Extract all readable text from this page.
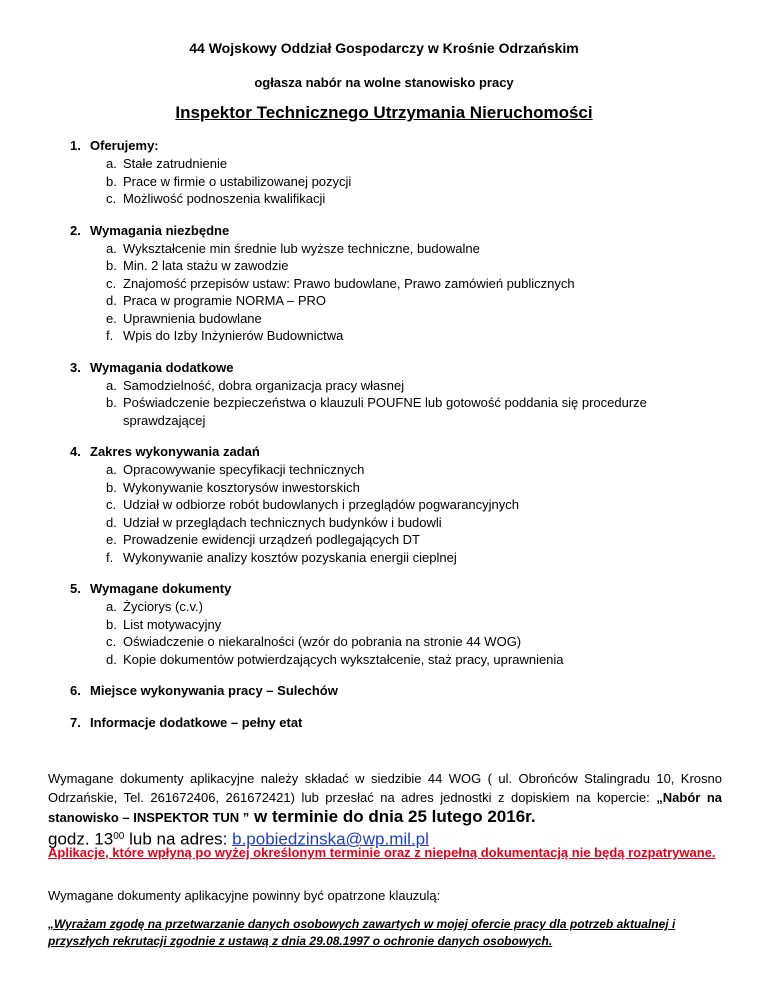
44 Wojskowy Oddział Gospodarczy w Krośnie Odrzańskim
ogłasza nabór na wolne stanowisko pracy
Inspektor Technicznego Utrzymania Nieruchomości
1. Oferujemy:
a. Stałe zatrudnienie
b. Prace w firmie o ustabilizowanej pozycji
c. Możliwość podnoszenia kwalifikacji
2. Wymagania niezbędne
a. Wykształcenie min średnie lub wyższe techniczne, budowalne
b. Min. 2 lata stażu w zawodzie
c. Znajomość przepisów ustaw: Prawo budowlane, Prawo zamówień publicznych
d. Praca w programie NORMA – PRO
e. Uprawnienia budowlane
f. Wpis do Izby Inżynierów Budownictwa
3. Wymagania dodatkowe
a. Samodzielność, dobra organizacja pracy własnej
b. Poświadczenie bezpieczeństwa o klauzuli POUFNE lub gotowość poddania się procedurze sprawdzającej
4. Zakres wykonywania zadań
a. Opracowywanie specyfikacji technicznych
b. Wykonywanie kosztorysów inwestorskich
c. Udział w odbiorze robót budowlanych i przeglądów pogwarancyjnych
d. Udział w przeglądach technicznych budynków i budowli
e. Prowadzenie ewidencji urządzeń podlegających DT
f. Wykonywanie analizy kosztów pozyskania energii cieplnej
5. Wymagane dokumenty
a. Życiorys (c.v.)
b. List motywacyjny
c. Oświadczenie o niekaralności (wzór do pobrania na stronie 44 WOG)
d. Kopie dokumentów potwierdzających wykształcenie, staż pracy, uprawnienia
6. Miejsce wykonywania pracy – Sulechów
7. Informacje dodatkowe – pełny etat
Wymagane dokumenty aplikacyjne należy składać w siedzibie 44 WOG ( ul. Obrońców Stalingradu 10, Krosno Odrzańskie, Tel. 261672406, 261672421) lub przesłać na adres jednostki z dopiskiem na kopercie: „Nabór na stanowisko – INSPEKTOR TUN ” w terminie do dnia 25 lutego 2016r.
godz. $13^{00}$ lub na adres: b.pobiedzinska@wp.mil.pl
Aplikacje, które wpłyną po wyżej określonym terminie oraz z niepełną dokumentacją nie będą rozpatrywane.
Wymagane dokumenty aplikacyjne powinny być opatrzone klauzulą:
„Wyrażam zgodę na przetwarzanie danych osobowych zawartych w mojej ofercie pracy dla potrzeb aktualnej i przyszłych rekrutacji zgodnie z ustawą z dnia 29.08.1997 o ochronie danych osobowych.
